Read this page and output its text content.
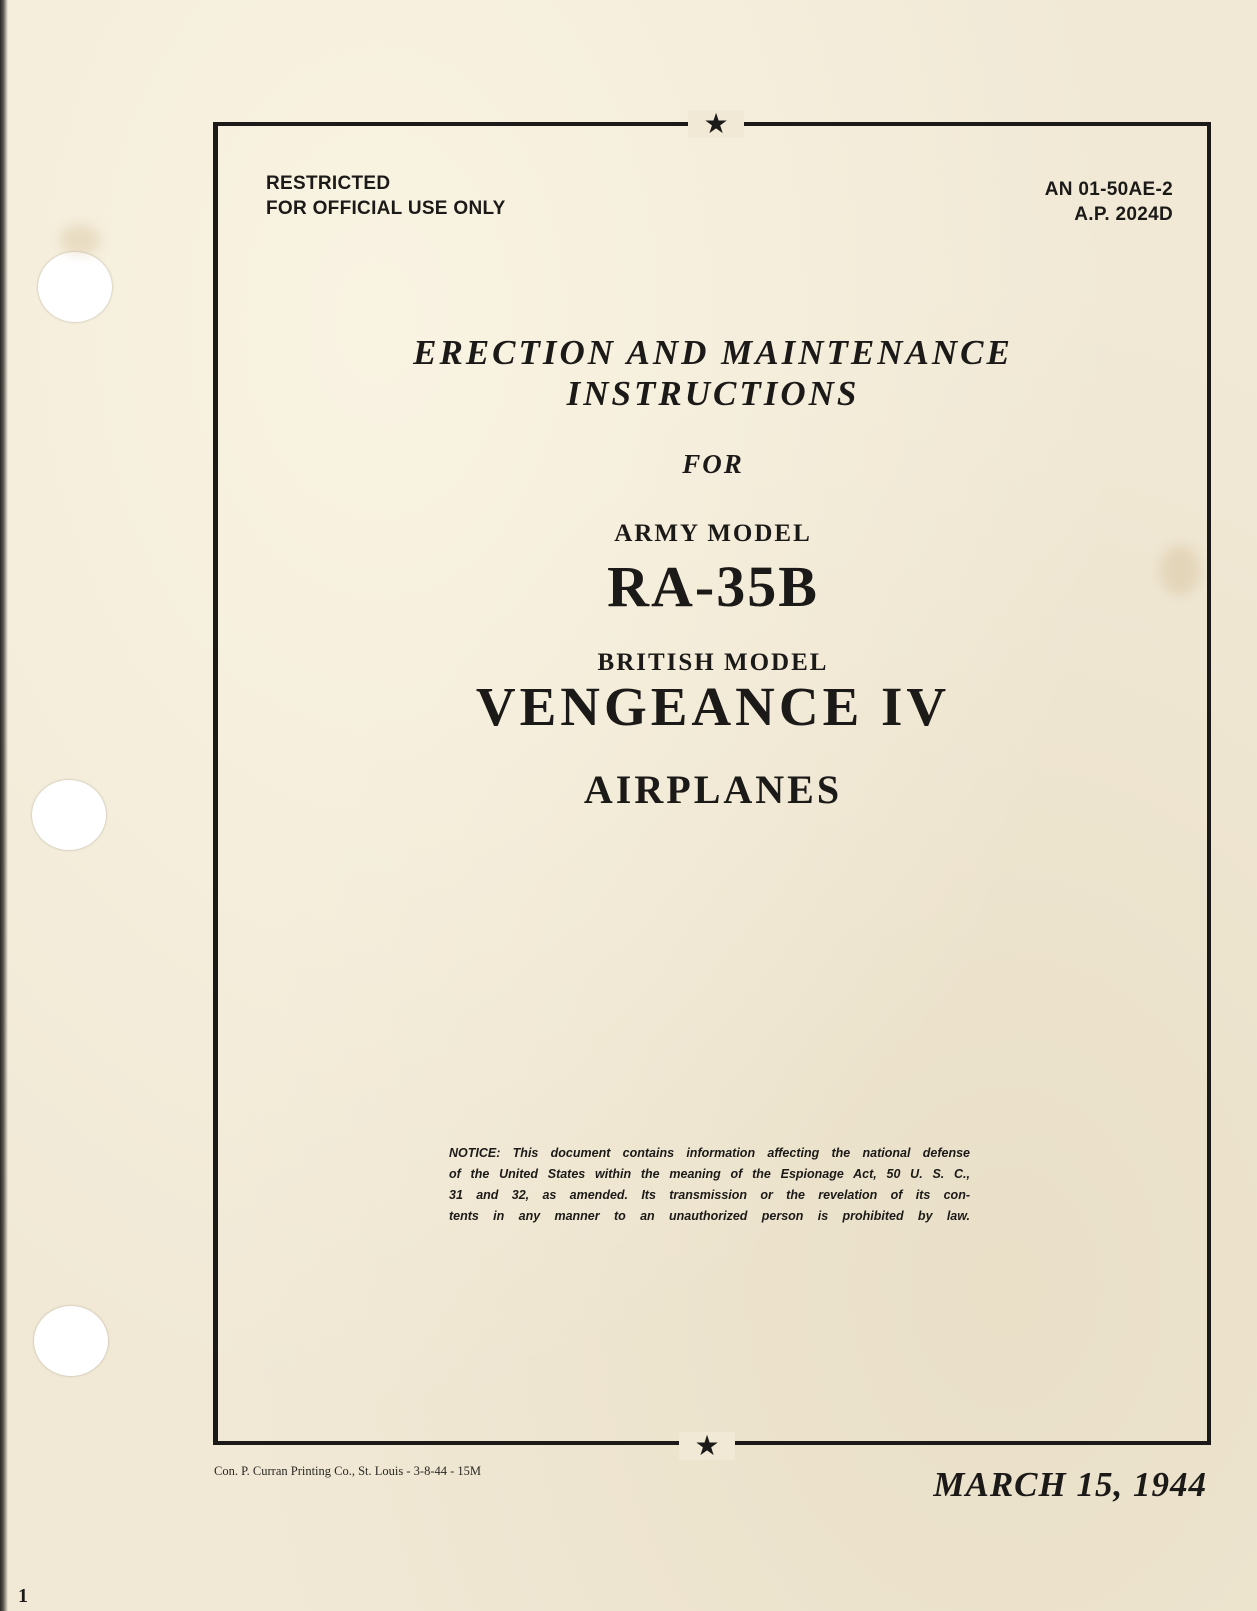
★
★
RESTRICTED
FOR OFFICIAL USE ONLY
AN 01-50AE-2
A.P. 2024D
ERECTION AND MAINTENANCE
INSTRUCTIONS
FOR
ARMY MODEL
RA-35B
BRITISH MODEL
VENGEANCE IV
AIRPLANES
NOTICE: This document contains information affecting the national defense
of the United States within the meaning of the Espionage Act, 50 U. S. C.,
31 and 32, as amended. Its transmission or the revelation of its con-
tents in any manner to an unauthorized person is prohibited by law.
Con. P. Curran Printing Co., St. Louis - 3-8-44 - 15M	MARCH 15, 1944
1
